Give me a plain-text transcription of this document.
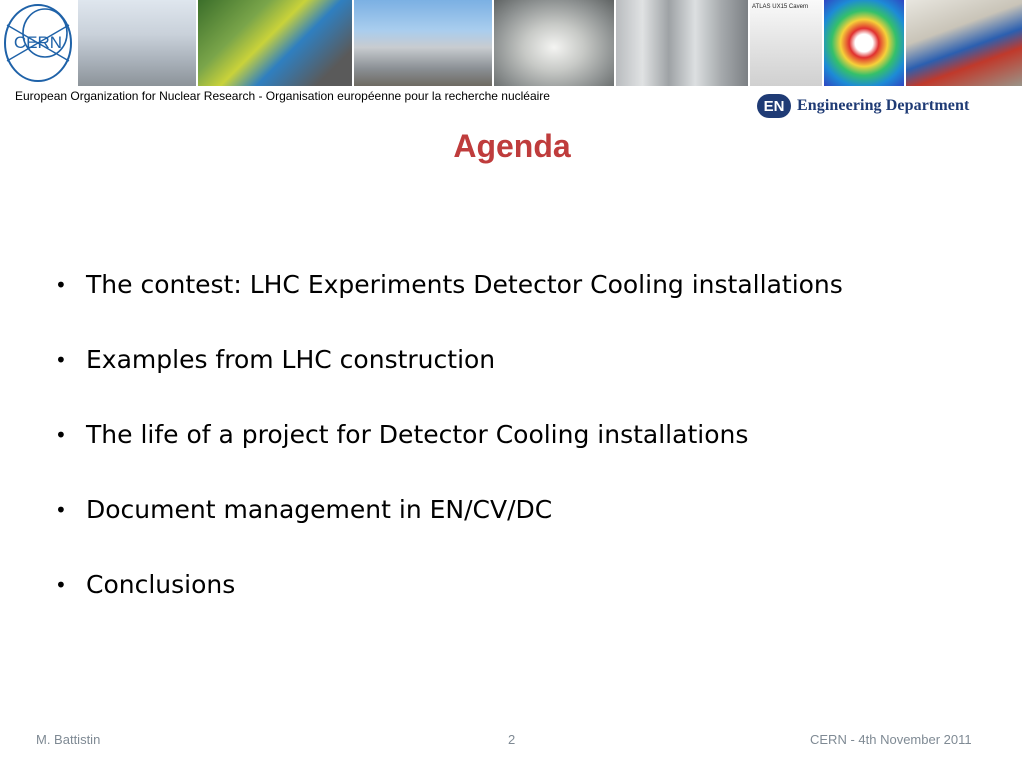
CERN
ATLAS UX15 Cavern
European Organization for Nuclear Research - Organisation européenne pour la recherche nucléaire
EN Engineering Department
Agenda
• The contest: LHC Experiments Detector Cooling installations
• Examples from LHC construction
• The life of a project for Detector Cooling installations
• Document management in EN/CV/DC
• Conclusions
M. Battistin	2	CERN - 4th November 2011
